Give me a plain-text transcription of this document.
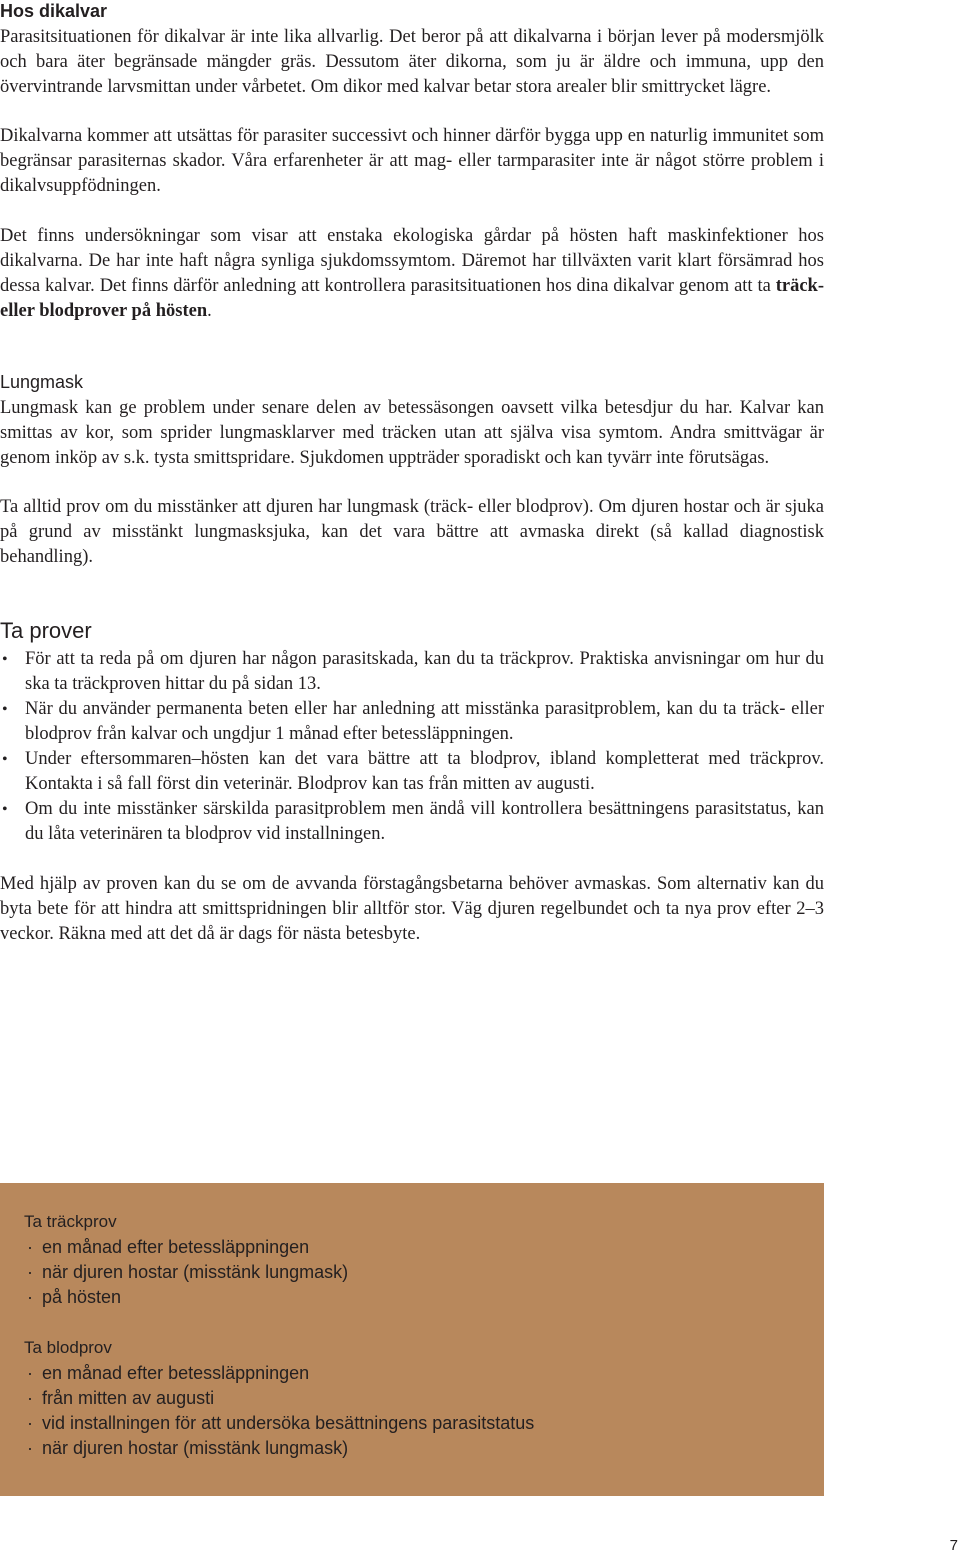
Hos dikalvar

Parasitsituationen för dikalvar är inte lika allvarlig. Det beror på att dikalvarna i början lever på modersmjölk och bara äter begränsade mängder gräs. Dessutom äter dikorna, som ju är äldre och immuna, upp den övervintrande larvsmittan under vårbetet. Om dikor med kalvar betar stora arealer blir smittrycket lägre.

Dikalvarna kommer att utsättas för parasiter successivt och hinner därför bygga upp en naturlig immunitet som begränsar parasiternas skador. Våra erfarenheter är att mag- eller tarmparasiter inte är något större problem i dikalvsuppfödningen.

Det finns undersökningar som visar att enstaka ekologiska gårdar på hösten haft maskinfektioner hos dikalvarna. De har inte haft några synliga sjukdomssymtom. Däremot har tillväxten varit klart försämrad hos dessa kalvar. Det finns därför anledning att kontrollera parasitsituationen hos dina dikalvar genom att ta träck- eller blodprover på hösten.

Lungmask

Lungmask kan ge problem under senare delen av betessäsongen oavsett vilka betesdjur du har. Kalvar kan smittas av kor, som sprider lungmasklarver med träcken utan att själva visa symtom. Andra smittvägar är genom inköp av s.k. tysta smittspridare. Sjukdomen uppträder sporadiskt och kan tyvärr inte förutsägas.

Ta alltid prov om du misstänker att djuren har lungmask (träck- eller blodprov). Om djuren hostar och är sjuka på grund av misstänkt lungmasksjuka, kan det vara bättre att avmaska direkt (så kallad diagnostisk behandling).

Ta prover
• För att ta reda på om djuren har någon parasitskada, kan du ta träckprov. Praktiska anvisningar om hur du ska ta träckproven hittar du på sidan 13.
• När du använder permanenta beten eller har anledning att misstänka parasitproblem, kan du ta träck- eller blodprov från kalvar och ungdjur 1 månad efter betessläppningen.
• Under eftersommaren–hösten kan det vara bättre att ta blodprov, ibland kompletterat med träckprov. Kontakta i så fall först din veterinär. Blodprov kan tas från mitten av augusti.
• Om du inte misstänker särskilda parasitproblem men ändå vill kontrollera besättningens parasitstatus, kan du låta veterinären ta blodprov vid installningen.

Med hjälp av proven kan du se om de avvanda förstagångsbetarna behöver avmaskas. Som alternativ kan du byta bete för att hindra att smittspridningen blir alltför stor. Väg djuren regelbundet och ta nya prov efter 2–3 veckor. Räkna med att det då är dags för nästa betesbyte.

Ta träckprov
· en månad efter betessläppningen
· när djuren hostar (misstänk lungmask)
· på hösten
Ta blodprov
· en månad efter betessläppningen
· från mitten av augusti
· vid installningen för att undersöka besättningens parasitstatus
· när djuren hostar (misstänk lungmask)
7
